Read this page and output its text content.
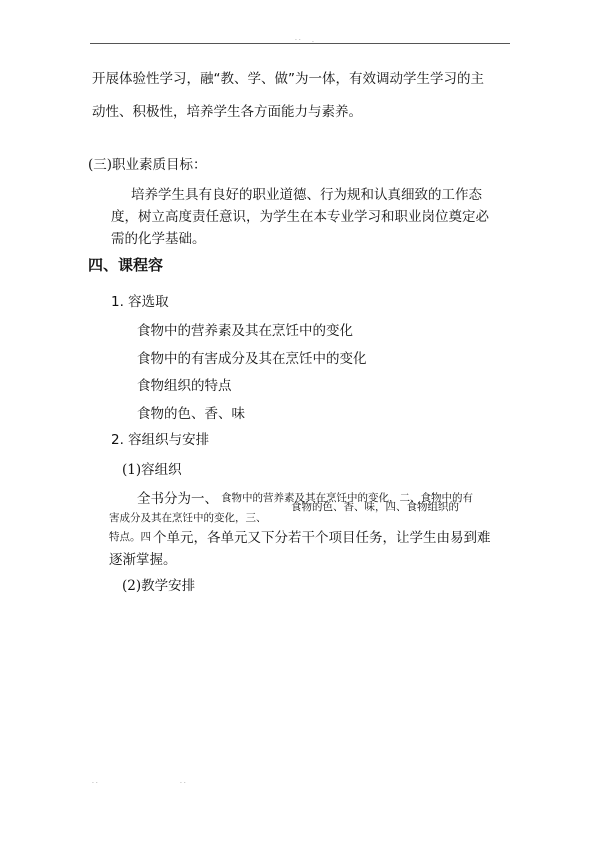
· · .
开展体验性学习，融“教、学、做”为一体，有效调动学生学习的主
动性、积极性，培养学生各方面能力与素养。
(三)职业素质目标：
培养学生具有良好的职业道德、行为规和认真细致的工作态
度，树立高度责任意识，为学生在本专业学习和职业岗位奠定必
需的化学基础。
四、课程容
1. 容选取
食物中的营养素及其在烹饪中的变化
食物中的有害成分及其在烹饪中的变化
食物组织的特点
食物的色、香、味
2. 容组织与安排
(1)容组织
全书分为一、 食物中的营养素及其在烹饪中的变化，二、食物中的有
害成分及其在烹饪中的变化，三、
食物的色、香、味，四、食物组织的
特点。四 个单元，各单元又下分若干个项目任务，让学生由易到难
逐渐掌握。
(2)教学安排
· ·	· ·
